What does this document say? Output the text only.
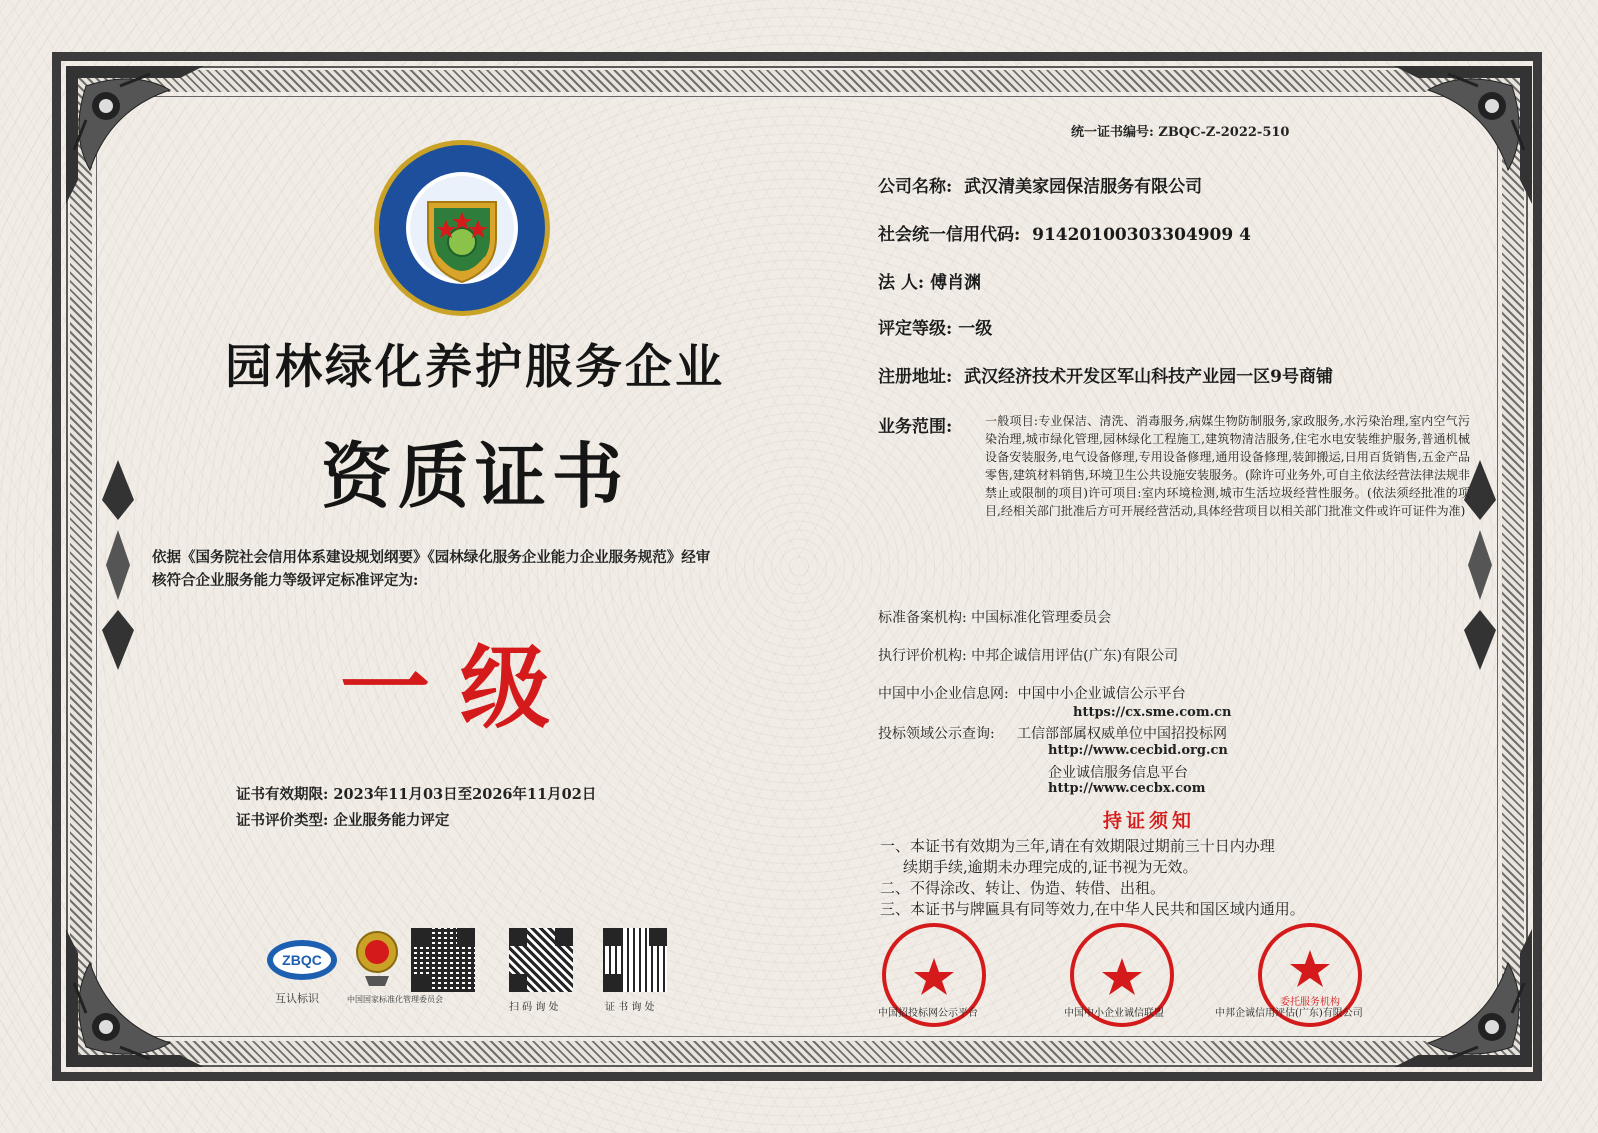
园林绿化养护服务企业
资质证书
依据《国务院社会信用体系建设规划纲要》《园林绿化服务企业能力企业服务规范》经审核符合企业服务能力等级评定标准评定为:
一级
证书有效期限: 2023年11月03日至2026年11月02日
证书评价类型: 企业服务能力评定
ZBQC
互认标识	中国国家标准化管理委员会
扫 码 询 处	证 书 询 处
统一证书编号: ZBQC-Z-2022-510
公司名称: 武汉清美家园保洁服务有限公司
社会统一信用代码: 91420100303304909 4
法 人: 傅肖渊
评定等级: 一级
注册地址: 武汉经济技术开发区军山科技产业园一区9号商铺
业务范围:	一般项目:专业保洁、清洗、消毒服务,病媒生物防制服务,家政服务,水污染治理,室内空气污染治理,城市绿化管理,园林绿化工程施工,建筑物清洁服务,住宅水电安装维护服务,普通机械设备安装服务,电气设备修理,专用设备修理,通用设备修理,装卸搬运,日用百货销售,五金产品零售,建筑材料销售,环境卫生公共设施安装服务。(除许可业务外,可自主依法经营法律法规非禁止或限制的项目)许可项目:室内环境检测,城市生活垃圾经营性服务。(依法须经批准的项目,经相关部门批准后方可开展经营活动,具体经营项目以相关部门批准文件或许可证件为准)
标准备案机构: 中国标准化管理委员会
执行评价机构: 中邦企诚信用评估(广东)有限公司
中国中小企业信息网: 中国中小企业诚信公示平台
https://cx.sme.com.cn
投标领域公示查询: 工信部部属权威单位中国招投标网
http://www.cecbid.org.cn
企业诚信服务信息平台
http://www.cecbx.com
持证须知
一、本证书有效期为三年,请在有效期限过期前三十日内办理
续期手续,逾期未办理完成的,证书视为无效。
二、不得涂改、转让、伪造、转借、出租。
三、本证书与牌匾具有同等效力,在中华人民共和国区域内通用。
中国招投标网公示平台	中国中小企业诚信联盟
委托服务机构
中邦企诚信用评估(广东)有限公司
